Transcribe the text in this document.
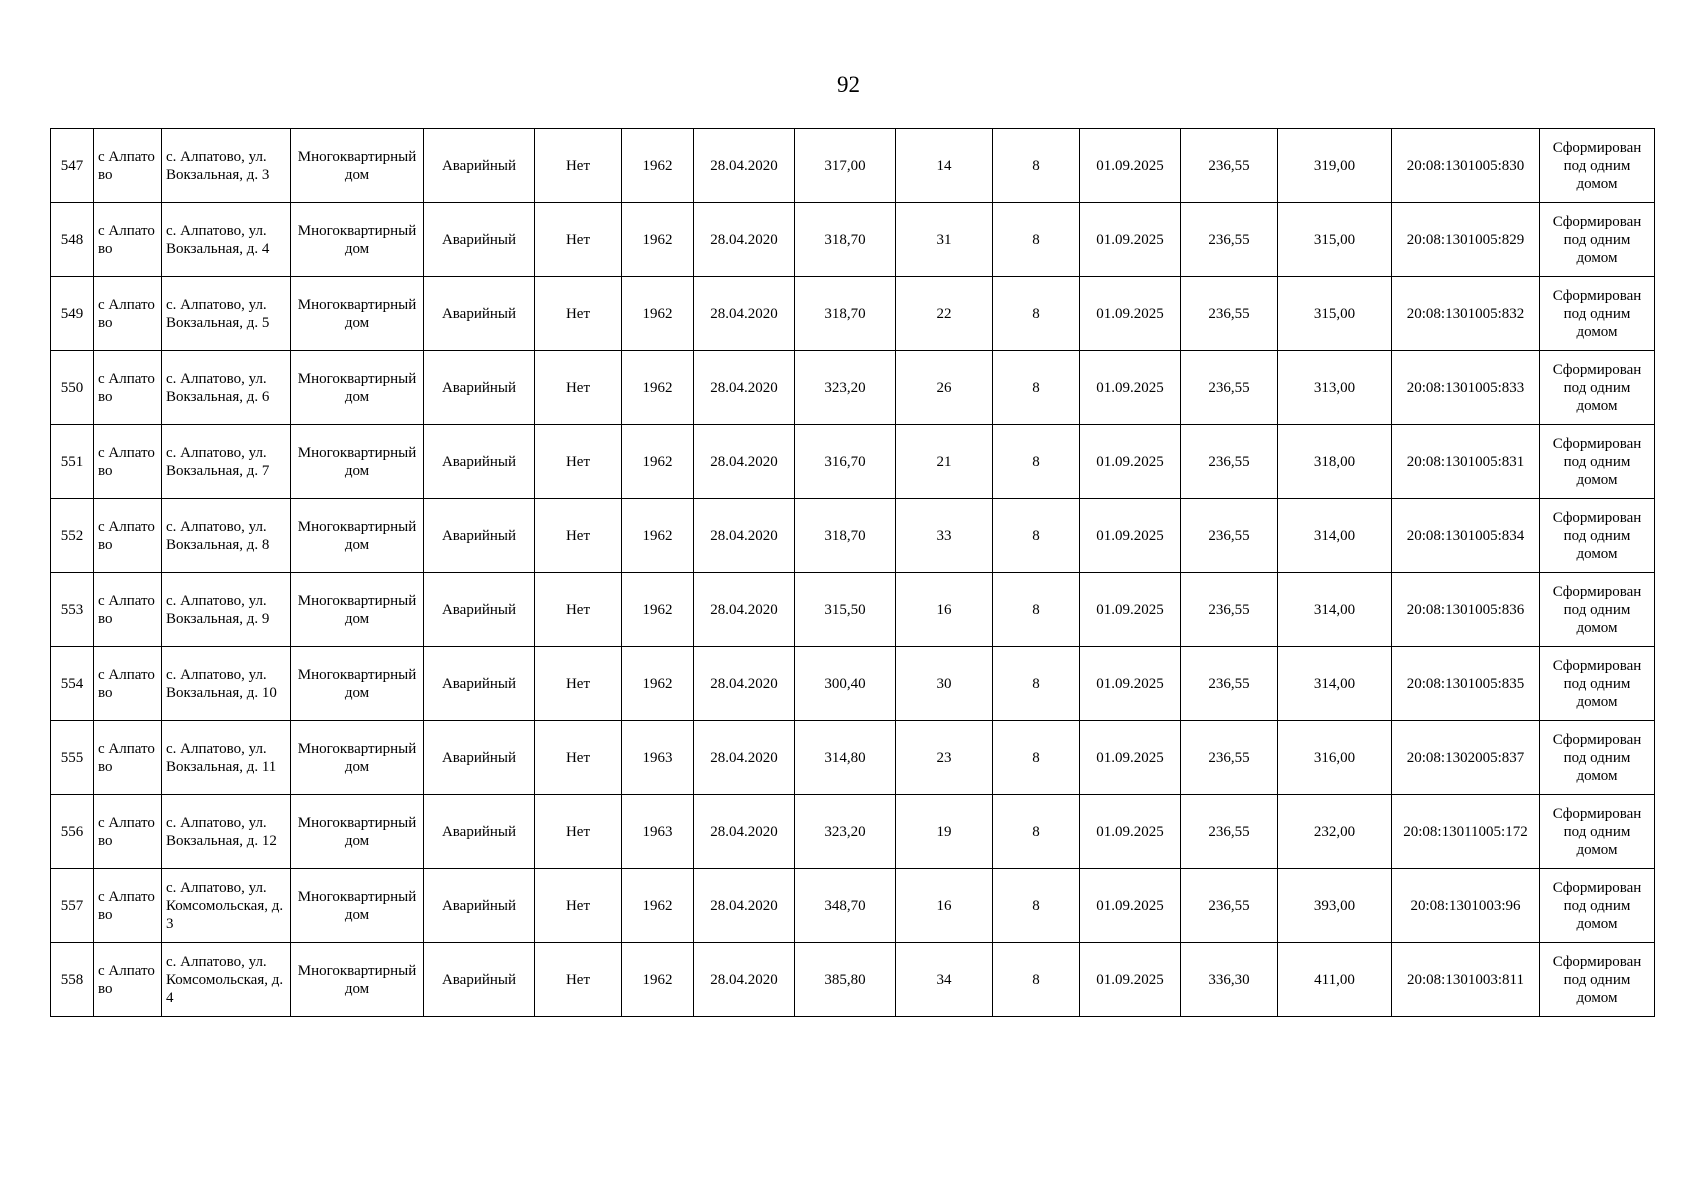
92
547	с Алпатово	с. Алпатово, ул. Вокзальная, д. 3	Многоквартирный дом	Аварийный	Нет	1962	28.04.2020	317,00	14	8	01.09.2025	236,55	319,00	20:08:1301005:830	Сформирован под одним домом
548	с Алпатово	с. Алпатово, ул. Вокзальная, д. 4	Многоквартирный дом	Аварийный	Нет	1962	28.04.2020	318,70	31	8	01.09.2025	236,55	315,00	20:08:1301005:829	Сформирован под одним домом
549	с Алпатово	с. Алпатово, ул. Вокзальная, д. 5	Многоквартирный дом	Аварийный	Нет	1962	28.04.2020	318,70	22	8	01.09.2025	236,55	315,00	20:08:1301005:832	Сформирован под одним домом
550	с Алпатово	с. Алпатово, ул. Вокзальная, д. 6	Многоквартирный дом	Аварийный	Нет	1962	28.04.2020	323,20	26	8	01.09.2025	236,55	313,00	20:08:1301005:833	Сформирован под одним домом
551	с Алпатово	с. Алпатово, ул. Вокзальная, д. 7	Многоквартирный дом	Аварийный	Нет	1962	28.04.2020	316,70	21	8	01.09.2025	236,55	318,00	20:08:1301005:831	Сформирован под одним домом
552	с Алпатово	с. Алпатово, ул. Вокзальная, д. 8	Многоквартирный дом	Аварийный	Нет	1962	28.04.2020	318,70	33	8	01.09.2025	236,55	314,00	20:08:1301005:834	Сформирован под одним домом
553	с Алпатово	с. Алпатово, ул. Вокзальная, д. 9	Многоквартирный дом	Аварийный	Нет	1962	28.04.2020	315,50	16	8	01.09.2025	236,55	314,00	20:08:1301005:836	Сформирован под одним домом
554	с Алпатово	с. Алпатово, ул. Вокзальная, д. 10	Многоквартирный дом	Аварийный	Нет	1962	28.04.2020	300,40	30	8	01.09.2025	236,55	314,00	20:08:1301005:835	Сформирован под одним домом
555	с Алпатово	с. Алпатово, ул. Вокзальная, д. 11	Многоквартирный дом	Аварийный	Нет	1963	28.04.2020	314,80	23	8	01.09.2025	236,55	316,00	20:08:1302005:837	Сформирован под одним домом
556	с Алпатово	с. Алпатово, ул. Вокзальная, д. 12	Многоквартирный дом	Аварийный	Нет	1963	28.04.2020	323,20	19	8	01.09.2025	236,55	232,00	20:08:13011005:172	Сформирован под одним домом
557	с Алпатово	с. Алпатово, ул. Комсомольская, д. 3	Многоквартирный дом	Аварийный	Нет	1962	28.04.2020	348,70	16	8	01.09.2025	236,55	393,00	20:08:1301003:96	Сформирован под одним домом
558	с Алпатово	с. Алпатово, ул. Комсомольская, д. 4	Многоквартирный дом	Аварийный	Нет	1962	28.04.2020	385,80	34	8	01.09.2025	336,30	411,00	20:08:1301003:811	Сформирован под одним домом
